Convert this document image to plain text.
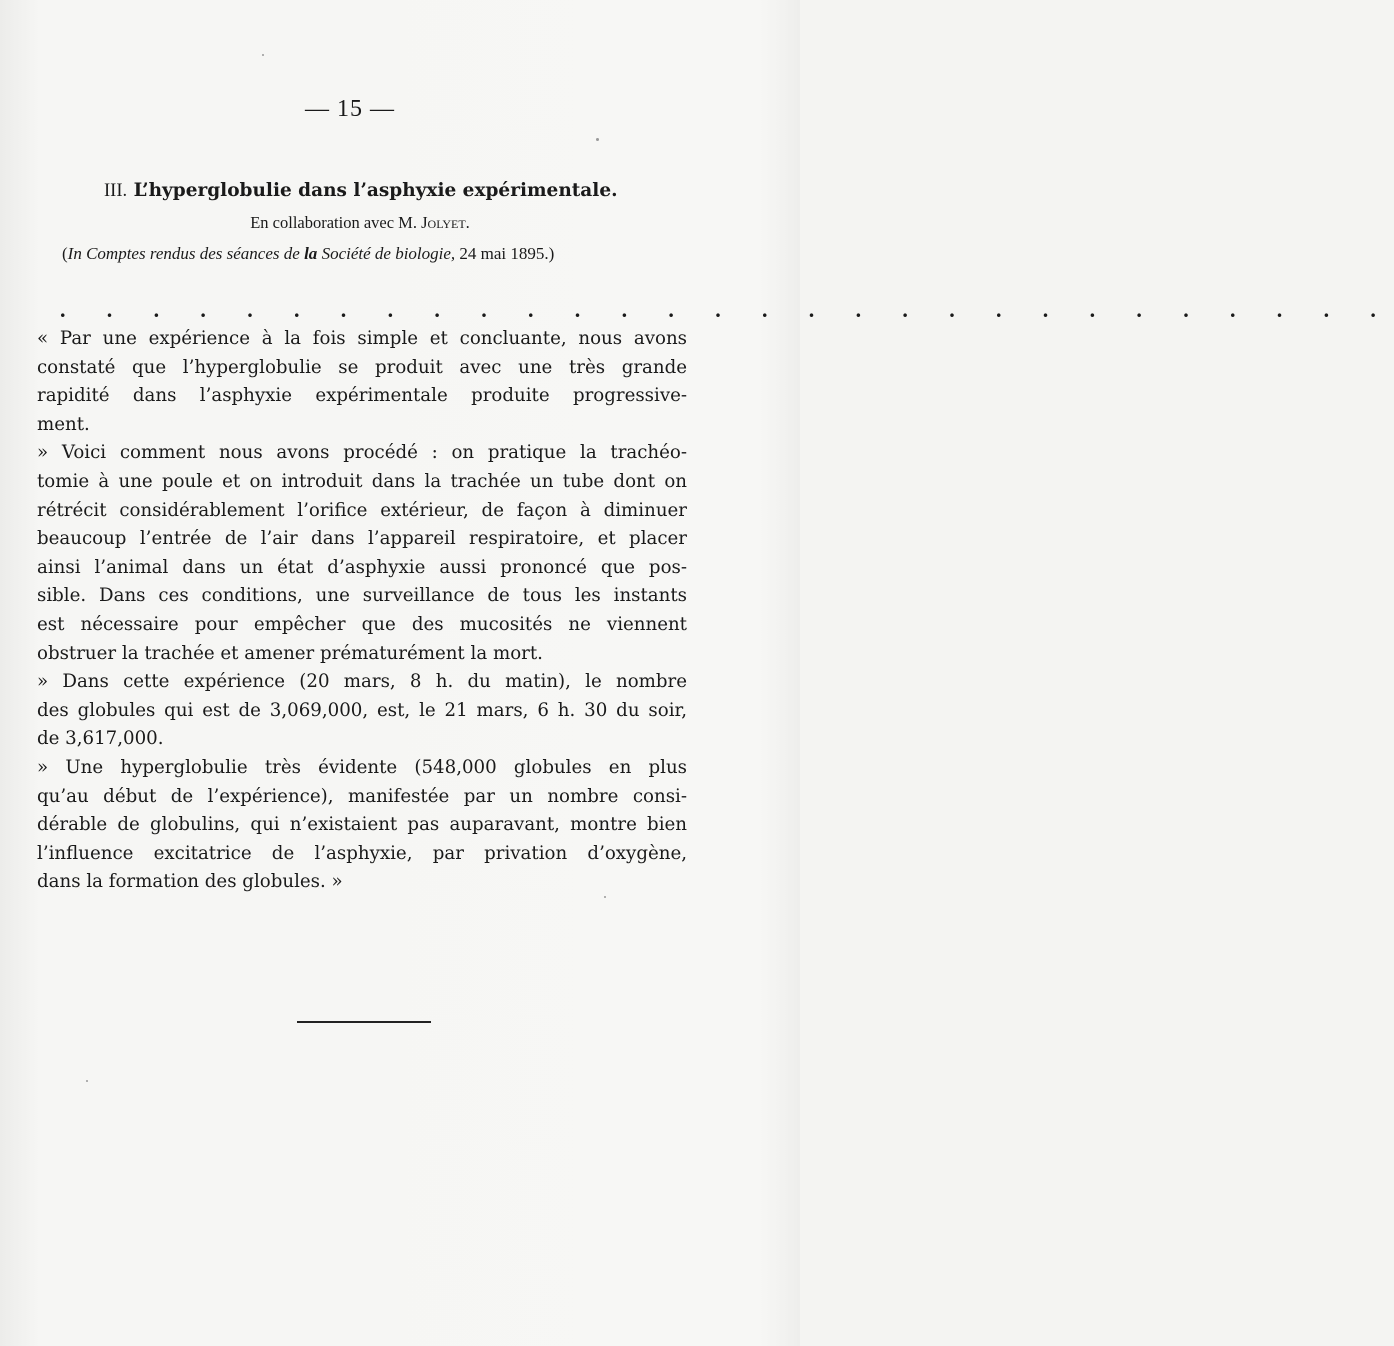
— 15 —
III. L’hyperglobulie dans l’asphyxie expérimentale.
En collaboration avec M. Jolyet.
(In Comptes rendus des séances de la Société de biologie, 24 mai 1895.)
. . . . . . . . . . . . . . . . . . . . . . . . . . . . .
« Par une expérience à la fois simple et concluante, nous avons
constaté que l’hyperglobulie se produit avec une très grande
rapidité dans l’asphyxie expérimentale produite progressive-
ment.
» Voici comment nous avons procédé : on pratique la trachéo-
tomie à une poule et on introduit dans la trachée un tube dont on
rétrécit considérablement l’orifice extérieur, de façon à diminuer
beaucoup l’entrée de l’air dans l’appareil respiratoire, et placer
ainsi l’animal dans un état d’asphyxie aussi prononcé que pos-
sible. Dans ces conditions, une surveillance de tous les instants
est nécessaire pour empêcher que des mucosités ne viennent
obstruer la trachée et amener prématurément la mort.
» Dans cette expérience (20 mars, 8 h. du matin), le nombre
des globules qui est de 3,069,000, est, le 21 mars, 6 h. 30 du soir,
de 3,617,000.
» Une hyperglobulie très évidente (548,000 globules en plus
qu’au début de l’expérience), manifestée par un nombre consi-
dérable de globulins, qui n’existaient pas auparavant, montre bien
l’influence excitatrice de l’asphyxie, par privation d’oxygène,
dans la formation des globules. »
